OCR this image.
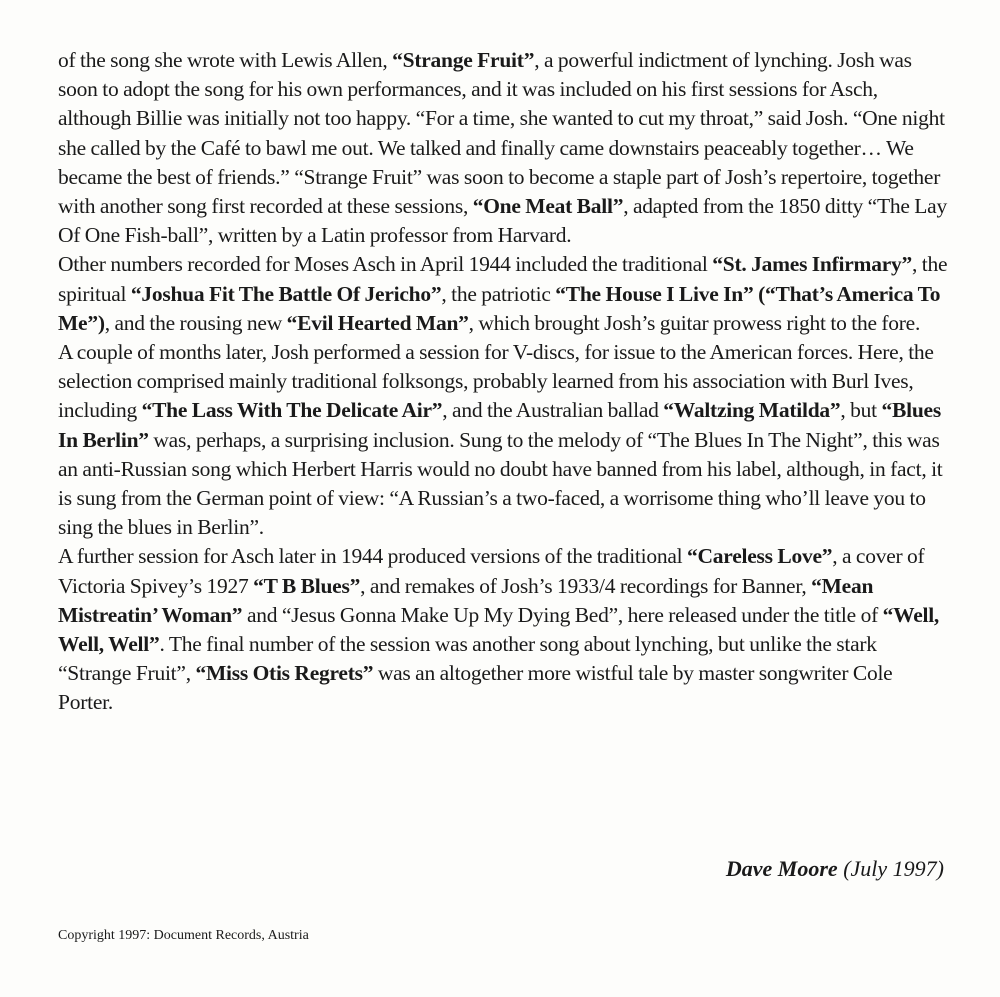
of the song she wrote with Lewis Allen, “Strange Fruit”, a powerful indictment of lynching. Josh was soon to adopt the song for his own performances, and it was included on his first sessions for Asch, although Billie was initially not too happy. “For a time, she wanted to cut my throat,” said Josh. “One night she called by the Café to bawl me out. We talked and finally came downstairs peaceably together… We became the best of friends.” “Strange Fruit” was soon to become a staple part of Josh’s repertoire, together with another song first recorded at these sessions, “One Meat Ball”, adapted from the 1850 ditty “The Lay Of One Fish-ball”, written by a Latin professor from Harvard.

Other numbers recorded for Moses Asch in April 1944 included the traditional “St. James Infirmary”, the spiritual “Joshua Fit The Battle Of Jericho”, the patriotic “The House I Live In” (“That’s America To Me”), and the rousing new “Evil Hearted Man”, which brought Josh’s guitar prowess right to the fore.

A couple of months later, Josh performed a session for V-discs, for issue to the American forces. Here, the selection comprised mainly traditional folksongs, probably learned from his association with Burl Ives, including “The Lass With The Delicate Air”, and the Australian ballad “Waltzing Matilda”, but “Blues In Berlin” was, perhaps, a surprising inclusion. Sung to the melody of “The Blues In The Night”, this was an anti-Russian song which Herbert Harris would no doubt have banned from his label, although, in fact, it is sung from the German point of view: “A Russian’s a two-faced, a worrisome thing who’ll leave you to sing the blues in Berlin”.

A further session for Asch later in 1944 produced versions of the traditional “Careless Love”, a cover of Victoria Spivey’s 1927 “T B Blues”, and remakes of Josh’s 1933/4 recordings for Banner, “Mean Mistreatin’ Woman” and “Jesus Gonna Make Up My Dying Bed”, here released under the title of “Well, Well, Well”. The final number of the session was another song about lynching, but unlike the stark “Strange Fruit”, “Miss Otis Regrets” was an altogether more wistful tale by master songwriter Cole Porter.

Dave Moore (July 1997)
Copyright 1997: Document Records, Austria
